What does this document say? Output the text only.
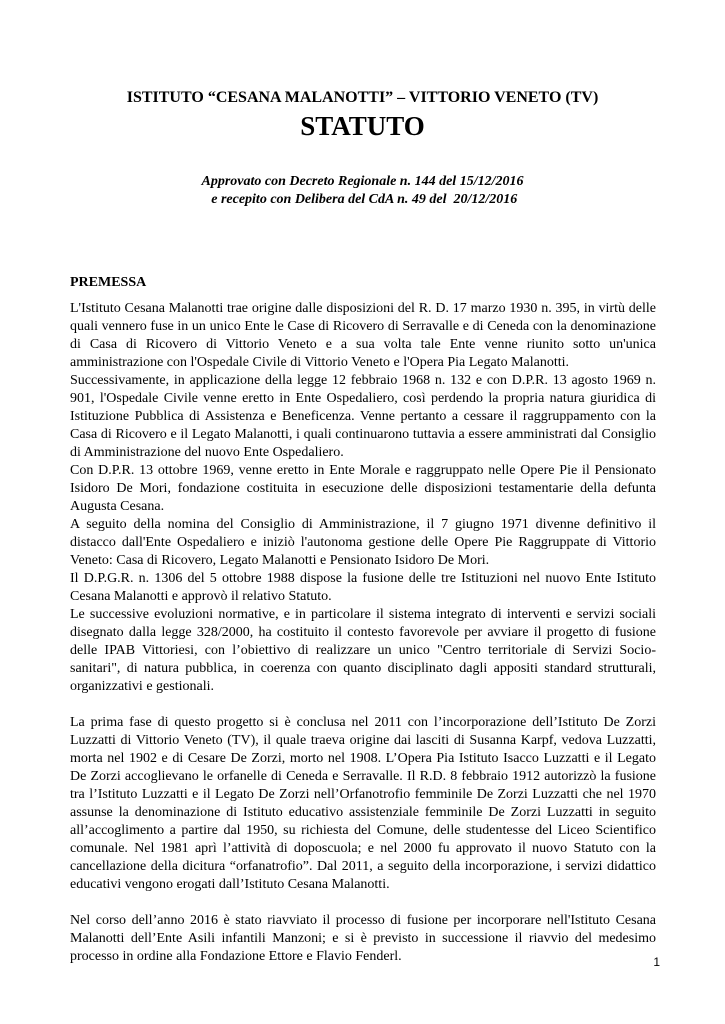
ISTITUTO “CESANA MALANOTTI” – VITTORIO VENETO (TV)
STATUTO
Approvato con Decreto Regionale n. 144 del 15/12/2016
e recepito con Delibera del CdA n. 49 del  20/12/2016
PREMESSA

L'Istituto Cesana Malanotti trae origine dalle disposizioni del R. D. 17 marzo 1930 n. 395, in virtù delle quali vennero fuse in un unico Ente le Case di Ricovero di Serravalle e di Ceneda con la denominazione di Casa di Ricovero di Vittorio Veneto e a sua volta tale Ente venne riunito sotto un'unica amministrazione con l'Ospedale Civile di Vittorio Veneto e l'Opera Pia Legato Malanotti.

Successivamente, in applicazione della legge 12 febbraio 1968 n. 132 e con D.P.R. 13 agosto 1969 n. 901, l'Ospedale Civile venne eretto in Ente Ospedaliero, così perdendo la propria natura giuridica di Istituzione Pubblica di Assistenza e Beneficenza. Venne pertanto a cessare il raggruppamento con la Casa di Ricovero e il Legato Malanotti, i quali continuarono tuttavia a essere amministrati dal Consiglio di Amministrazione del nuovo Ente Ospedaliero.

Con D.P.R. 13 ottobre 1969, venne eretto in Ente Morale e raggruppato nelle Opere Pie il Pensionato Isidoro De Mori, fondazione costituita in esecuzione delle disposizioni testamentarie della defunta Augusta Cesana.

A seguito della nomina del Consiglio di Amministrazione, il 7 giugno 1971 divenne definitivo il distacco dall'Ente Ospedaliero e iniziò l'autonoma gestione delle Opere Pie Raggruppate di Vittorio Veneto: Casa di Ricovero, Legato Malanotti e Pensionato Isidoro De Mori.

Il D.P.G.R. n. 1306 del 5 ottobre 1988 dispose la fusione delle tre Istituzioni nel nuovo Ente Istituto Cesana Malanotti e approvò il relativo Statuto.

Le successive evoluzioni normative, e in particolare il sistema integrato di interventi e servizi sociali disegnato dalla legge 328/2000, ha costituito il contesto favorevole per avviare il progetto di fusione delle IPAB Vittoriesi, con l’obiettivo di realizzare un unico "Centro territoriale di Servizi Socio-sanitari", di natura pubblica, in coerenza con quanto disciplinato dagli appositi standard strutturali, organizzativi e gestionali.

La prima fase di questo progetto si è conclusa nel 2011 con l’incorporazione dell’Istituto De Zorzi Luzzatti di Vittorio Veneto (TV), il quale traeva origine dai lasciti di Susanna Karpf, vedova Luzzatti, morta nel 1902 e di Cesare De Zorzi, morto nel 1908. L’Opera Pia Istituto Isacco Luzzatti e il Legato De Zorzi accoglievano le orfanelle di Ceneda e Serravalle. Il R.D. 8 febbraio 1912 autorizzò la fusione tra l’Istituto Luzzatti e il Legato De Zorzi nell’Orfanotrofio femminile De Zorzi Luzzatti che nel 1970 assunse la denominazione di Istituto educativo assistenziale femminile De Zorzi Luzzatti in seguito all’accoglimento a partire dal 1950, su richiesta del Comune, delle studentesse del Liceo Scientifico comunale. Nel 1981 aprì l’attività di doposcuola; e nel 2000 fu approvato il nuovo Statuto con la cancellazione della dicitura “orfanatrofio”. Dal 2011, a seguito della incorporazione, i servizi didattico educativi vengono erogati dall’Istituto Cesana Malanotti.

Nel corso dell’anno 2016 è stato riavviato il processo di fusione per incorporare nell'Istituto Cesana Malanotti dell’Ente Asili infantili Manzoni; e si è previsto in successione il riavvio del medesimo processo in ordine alla Fondazione Ettore e Flavio Fenderl.	1
